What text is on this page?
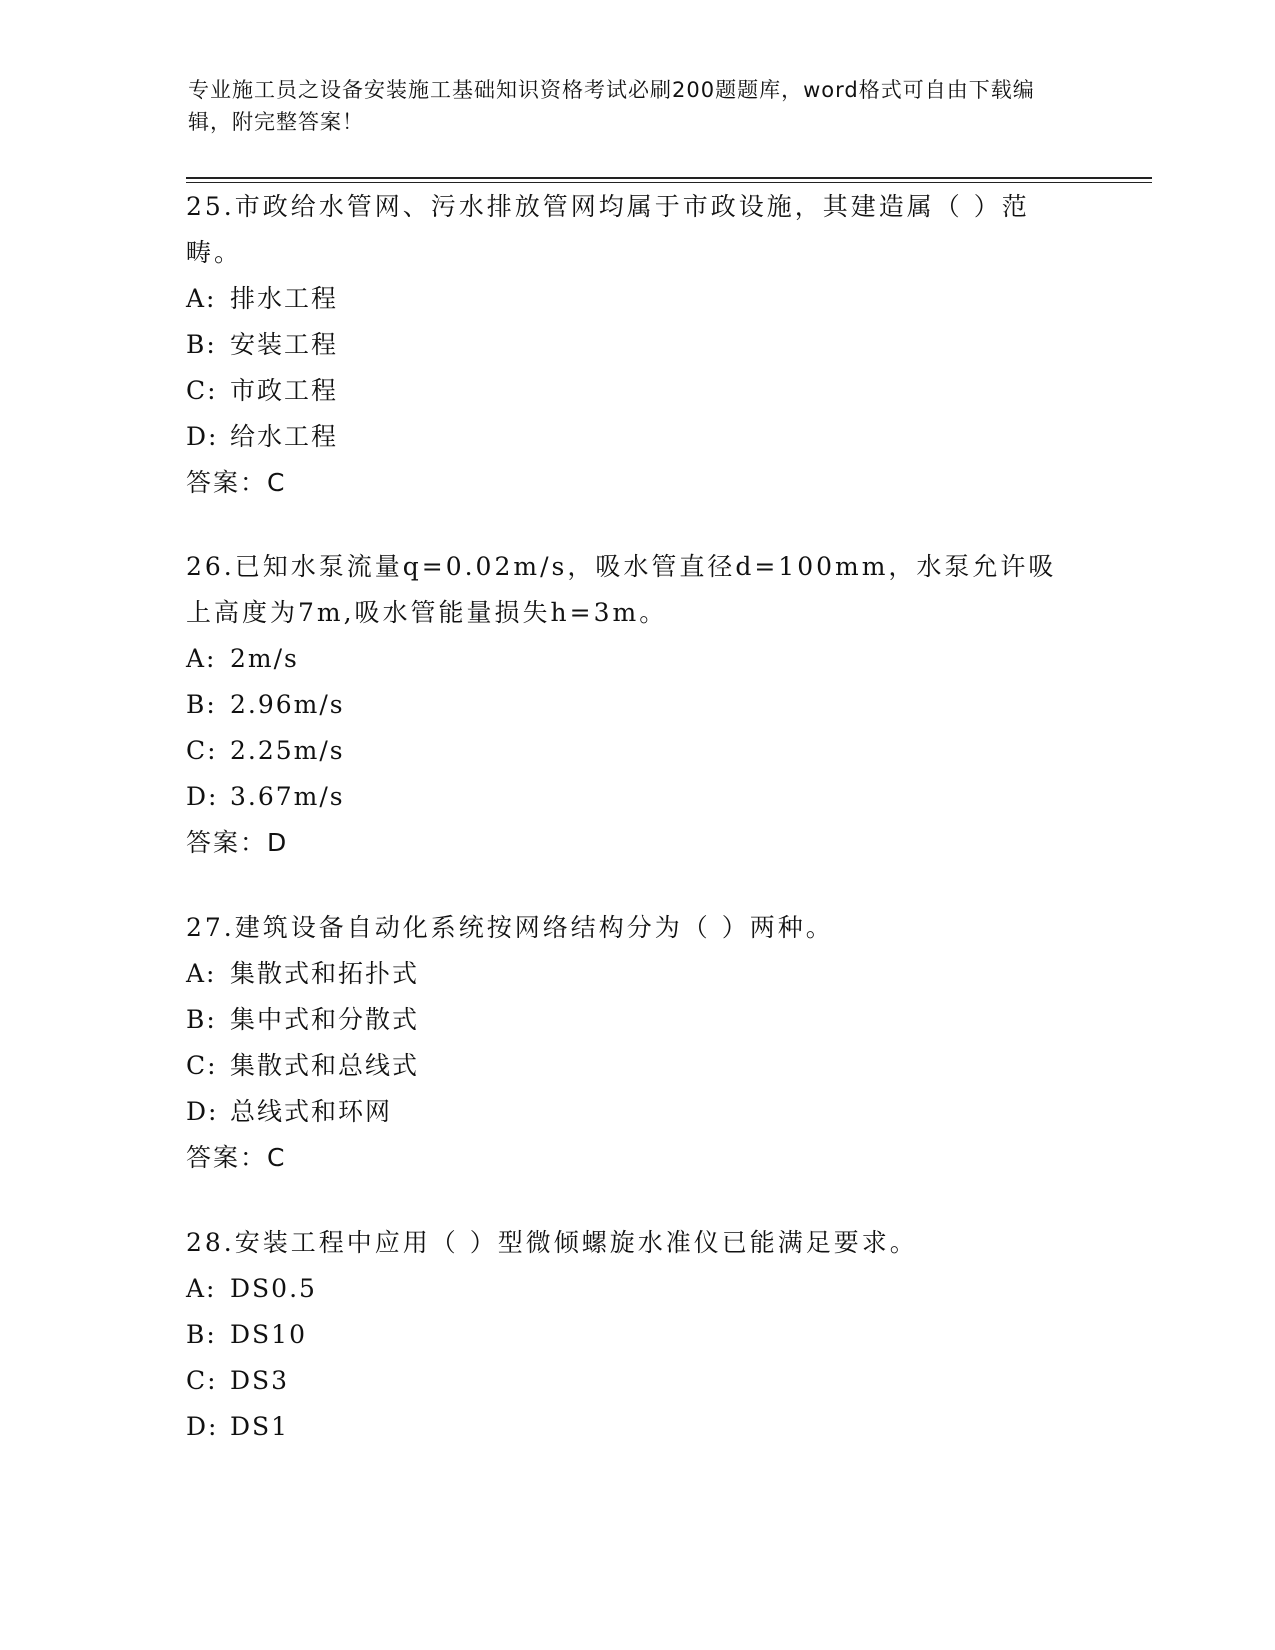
专业施工员之设备安装施工基础知识资格考试必刷200题题库，word格式可自由下载编辑，附完整答案！

25.市政给水管网、污水排放管网均属于市政设施，其建造属（ ）范畴。

A: 排水工程

B: 安装工程

C: 市政工程

D: 给水工程

答案：C

26.已知水泵流量q=0.02m/s，吸水管直径d=100mm，水泵允许吸上高度为7m,吸水管能量损失h=3m。

A: 2m/s

B: 2.96m/s

C: 2.25m/s

D: 3.67m/s

答案：D

27.建筑设备自动化系统按网络结构分为（ ）两种。

A: 集散式和拓扑式

B: 集中式和分散式

C: 集散式和总线式

D: 总线式和环网

答案：C

28.安装工程中应用（ ）型微倾螺旋水准仪已能满足要求。

A: DS0.5

B: DS10

C: DS3

D: DS1
